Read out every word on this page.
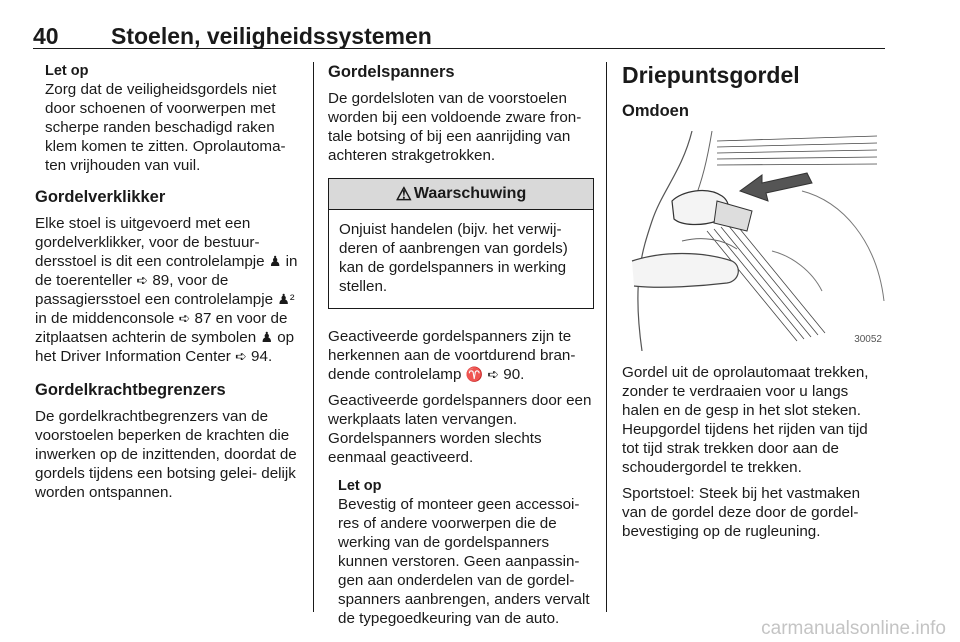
40 Stoelen, veiligheidssystemen
Let op

Zorg dat de veiligheidsgordels niet door schoenen of voorwerpen met scherpe randen beschadigd raken klem komen te zitten. Oprolautoma- ten vrijhouden van vuil.

Gordelverklikker

Elke stoel is uitgevoerd met een gordelverklikker, voor de bestuur- dersstoel is dit een controlelampje ♟ in de toerenteller ➪ 89, voor de passagiersstoel een controlelampje ♟² in de middenconsole ➪ 87 en voor de zitplaatsen achterin de symbolen ♟ op het Driver Information Center ➪ 94.

Gordelkrachtbegrenzers

De gordelkrachtbegrenzers van de voorstoelen beperken de krachten die inwerken op de inzittenden, doordat de gordels tijdens een botsing gelei- delijk worden ontspannen.

Gordelspanners

De gordelsloten van de voorstoelen worden bij een voldoende zware fron- tale botsing of bij een aanrijding van achteren strakgetrokken.

⚠ Waarschuwing

Onjuist handelen (bijv. het verwij- deren of aanbrengen van gordels) kan de gordelspanners in werking stellen.

Geactiveerde gordelspanners zijn te herkennen aan de voortdurend bran- dende controlelamp ♈ ➪ 90.

Geactiveerde gordelspanners door een werkplaats laten vervangen. Gordelspanners worden slechts eenmaal geactiveerd.

Let op

Bevestig of monteer geen accessoi- res of andere voorwerpen die de werking van de gordelspanners kunnen verstoren. Geen aanpassin- gen aan onderdelen van de gordel- spanners aanbrengen, anders vervalt de typegoedkeuring van de auto.

Driepuntsgordel
Omdoen
30052

Gordel uit de oprolautomaat trekken, zonder te verdraaien voor u langs halen en de gesp in het slot steken. Heupgordel tijdens het rijden van tijd tot tijd strak trekken door aan de schoudergordel te trekken.

Sportstoel: Steek bij het vastmaken van de gordel deze door de gordel- bevestiging op de rugleuning.

carmanualsonline.info
